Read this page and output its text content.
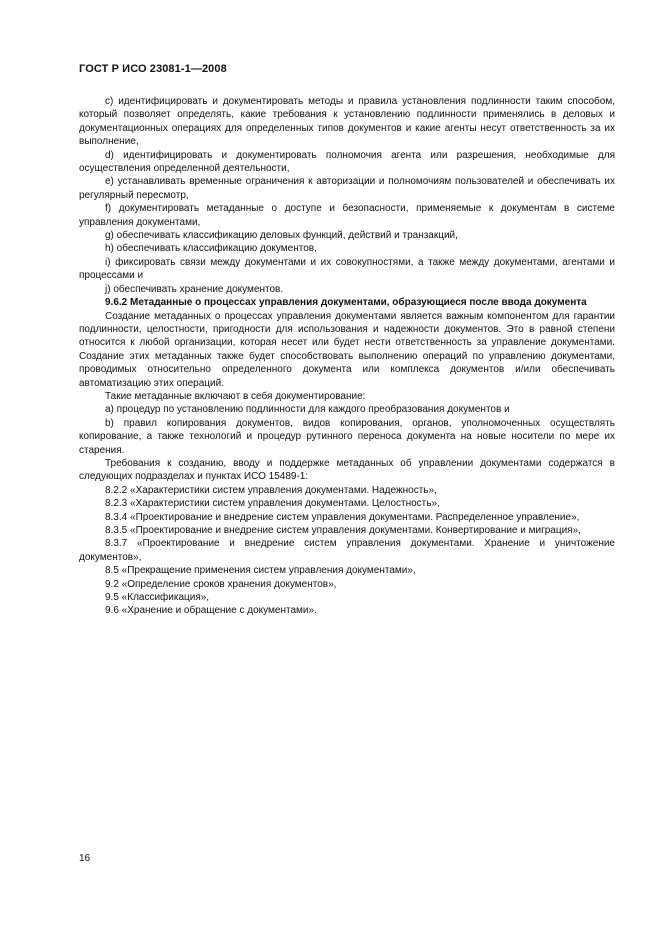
ГОСТ Р ИСО 23081-1—2008

c) идентифицировать и документировать методы и правила установления подлинности таким способом, который позволяет определять, какие требования к установлению подлинности применялись в деловых и документационных операциях для определенных типов документов и какие агенты несут ответственность за их выполнение,

d) идентифицировать и документировать полномочия агента или разрешения, необходимые для осуществления определенной деятельности,

e) устанавливать временные ограничения к авторизации и полномочиям пользователей и обеспечивать их регулярный пересмотр,

f) документировать метаданные о доступе и безопасности, применяемые к документам в системе управления документами,

g) обеспечивать классификацию деловых функций, действий и транзакций,

h) обеспечивать классификацию документов,

i) фиксировать связи между документами и их совокупностями, а также между документами, агентами и процессами и

j) обеспечивать хранение документов.

9.6.2 Метаданные о процессах управления документами, образующиеся после ввода документа

Создание метаданных о процессах управления документами является важным компонентом для гарантии подлинности, целостности, пригодности для использования и надежности документов. Это в равной степени относится к любой организации, которая несет или будет нести ответственность за управление документами. Создание этих метаданных также будет способствовать выполнению операций по управлению документами, проводимых относительно определенного документа или комплекса документов и/или обеспечивать автоматизацию этих операций.

Такие метаданные включают в себя документирование:

a) процедур по установлению подлинности для каждого преобразования документов и

b) правил копирования документов, видов копирования, органов, уполномоченных осуществлять копирование, а также технологий и процедур рутинного переноса документа на новые носители по мере их старения.

Требования к созданию, вводу и поддержке метаданных об управлении документами содержатся в следующих подразделах и пунктах ИСО 15489-1:

8.2.2 «Характеристики систем управления документами. Надежность»,

8.2.3 «Характеристики систем управления документами. Целостность»,

8.3.4 «Проектирование и внедрение систем управления документами. Распределенное управление»,

8.3.5 «Проектирование и внедрение систем управления документами. Конвертирование и миграция»,

8.3.7 «Проектирование и внедрение систем управления документами. Хранение и уничтожение документов»,

8.5 «Прекращение применения систем управления документами»,

9.2 «Определение сроков хранения документов»,

9.5 «Классификация»,

9.6 «Хранение и обращение с документами».

16
